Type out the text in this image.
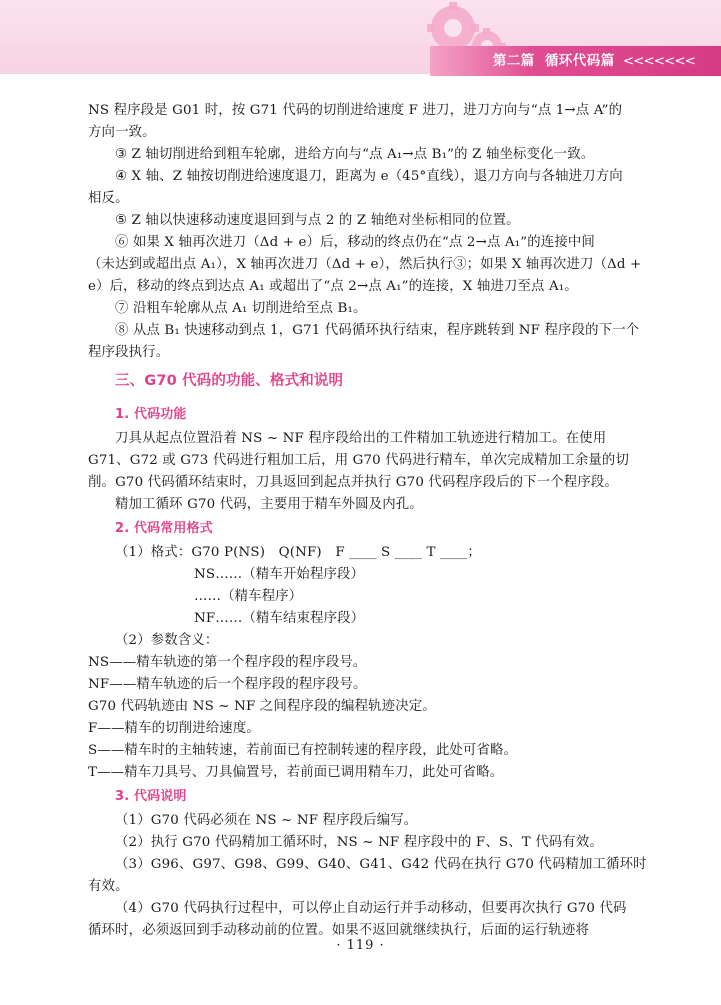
第二篇 循环代码篇 <<<<<<<
NS 程序段是 G01 时，按 G71 代码的切削进给速度 F 进刀，进刀方向与“点 1→点 A”的
方向一致。
③ Z 轴切削进给到粗车轮廓，进给方向与“点 A₁→点 B₁”的 Z 轴坐标变化一致。
④ X 轴、Z 轴按切削进给速度退刀，距离为 e（45°直线），退刀方向与各轴进刀方向
相反。
⑤ Z 轴以快速移动速度退回到与点 2 的 Z 轴绝对坐标相同的位置。
⑥ 如果 X 轴再次进刀（Δd + e）后，移动的终点仍在“点 2→点 A₁”的连接中间
（未达到或超出点 A₁），X 轴再次进刀（Δd + e），然后执行③；如果 X 轴再次进刀（Δd +
e）后，移动的终点到达点 A₁ 或超出了“点 2→点 A₁”的连接，X 轴进刀至点 A₁。
⑦ 沿粗车轮廓从点 A₁ 切削进给至点 B₁。
⑧ 从点 B₁ 快速移动到点 1，G71 代码循环执行结束，程序跳转到 NF 程序段的下一个
程序段执行。
三、G70 代码的功能、格式和说明
1. 代码功能
刀具从起点位置沿着 NS ~ NF 程序段给出的工件精加工轨迹进行精加工。在使用
G71、G72 或 G73 代码进行粗加工后，用 G70 代码进行精车，单次完成精加工余量的切
削。G70 代码循环结束时，刀具返回到起点并执行 G70 代码程序段后的下一个程序段。
精加工循环 G70 代码，主要用于精车外圆及内孔。
2. 代码常用格式
（1）格式：G70 P(NS)　Q(NF)　F ____ S ____ T ____；
NS……（精车开始程序段）
……（精车程序）
NF……（精车结束程序段）
（2）参数含义：
NS——精车轨迹的第一个程序段的程序段号。
NF——精车轨迹的后一个程序段的程序段号。
G70 代码轨迹由 NS ~ NF 之间程序段的编程轨迹决定。
F——精车的切削进给速度。
S——精车时的主轴转速，若前面已有控制转速的程序段，此处可省略。
T——精车刀具号、刀具偏置号，若前面已调用精车刀，此处可省略。
3. 代码说明
（1）G70 代码必须在 NS ~ NF 程序段后编写。
（2）执行 G70 代码精加工循环时，NS ~ NF 程序段中的 F、S、T 代码有效。
（3）G96、G97、G98、G99、G40、G41、G42 代码在执行 G70 代码精加工循环时
有效。
（4）G70 代码执行过程中，可以停止自动运行并手动移动，但要再次执行 G70 代码
循环时，必须返回到手动移动前的位置。如果不返回就继续执行，后面的运行轨迹将
· 119 ·
